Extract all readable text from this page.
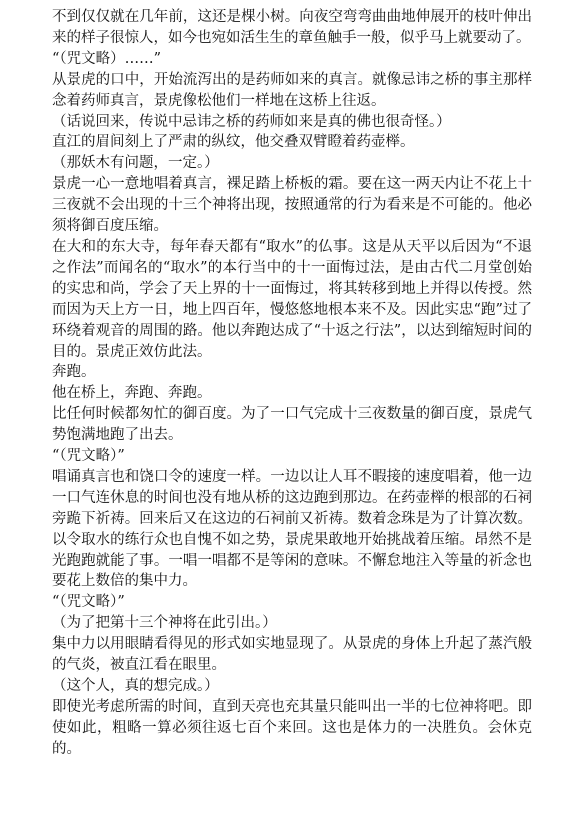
不到仅仅就在几年前，这还是棵小树。向夜空弯弯曲曲地伸展开的枝叶伸出来的样子很惊人，如今也宛如活生生的章鱼触手一般，似乎马上就要动了。

“（咒文略）……”

从景虎的口中，开始流泻出的是药师如来的真言。就像忌讳之桥的事主那样念着药师真言，景虎像松他们一样地在这桥上往返。

（话说回来，传说中忌讳之桥的药师如来是真的佛也很奇怪。）

直江的眉间刻上了严肃的纵纹，他交叠双臂瞪着药壶榉。

（那妖木有问题，一定。）

景虎一心一意地唱着真言，裸足踏上桥板的霜。要在这一两天内让不花上十三夜就不会出现的十三个神将出现，按照通常的行为看来是不可能的。他必须将御百度压缩。

在大和的东大寺，每年春天都有“取水”的仏事。这是从天平以后因为“不退之作法”而闻名的“取水”的本行当中的十一面悔过法，是由古代二月堂创始的实忠和尚，学会了天上界的十一面悔过，将其转移到地上并得以传授。然而因为天上方一日，地上四百年，慢悠悠地根本来不及。因此实忠“跑”过了环绕着观音的周围的路。他以奔跑达成了“十返之行法”，以达到缩短时间的目的。景虎正效仿此法。

奔跑。

他在桥上，奔跑、奔跑。

比任何时候都匆忙的御百度。为了一口气完成十三夜数量的御百度，景虎气势饱满地跑了出去。

“（咒文略）”

唱诵真言也和饶口令的速度一样。一边以让人耳不暇接的速度唱着，他一边一口气连休息的时间也没有地从桥的这边跑到那边。在药壶榉的根部的石祠旁跪下祈祷。回来后又在这边的石祠前又祈祷。数着念珠是为了计算次数。以令取水的练行众也自愧不如之势，景虎果敢地开始挑战着压缩。昂然不是光跑跑就能了事。一唱一唱都不是等闲的意味。不懈怠地注入等量的祈念也要花上数倍的集中力。

“（咒文略）”

（为了把第十三个神将在此引出。）

集中力以用眼睛看得见的形式如实地显现了。从景虎的身体上升起了蒸汽般的气炎，被直江看在眼里。

（这个人，真的想完成。）

即使光考虑所需的时间，直到天亮也充其量只能叫出一半的七位神将吧。即使如此，粗略一算必须往返七百个来回。这也是体力的一决胜负。会休克的。
